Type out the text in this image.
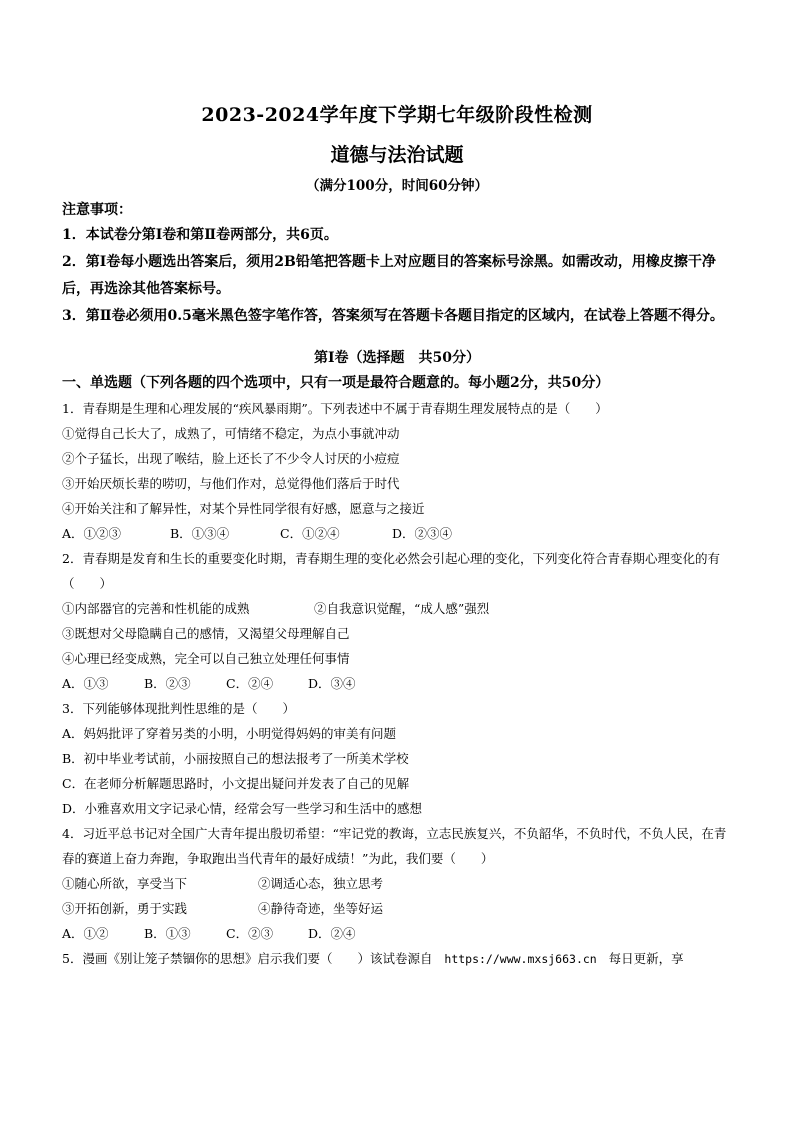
2023-2024学年度下学期七年级阶段性检测
道德与法治试题
（满分100分，时间60分钟）
注意事项：
1．本试卷分第Ⅰ卷和第Ⅱ卷两部分，共6页。
2．第Ⅰ卷每小题选出答案后，须用2B铅笔把答题卡上对应题目的答案标号涂黑。如需改动，用橡皮擦干净后，再选涂其他答案标号。
3．第Ⅱ卷必须用0.5毫米黑色签字笔作答，答案须写在答题卡各题目指定的区域内，在试卷上答题不得分。
第Ⅰ卷（选择题　共50分）
一、单选题（下列各题的四个选项中，只有一项是最符合题意的。每小题2分，共50分）
1．青春期是生理和心理发展的“疾风暴雨期”。下列表述中不属于青春期生理发展特点的是（　　）
①觉得自己长大了，成熟了，可情绪不稳定，为点小事就冲动
②个子猛长，出现了喉结，脸上还长了不少令人讨厌的小痘痘
③开始厌烦长辈的唠叨，与他们作对，总觉得他们落后于时代
④开始关注和了解异性，对某个异性同学很有好感，愿意与之接近
A．①②③	B．①③④	C．①②④	D．②③④
2．青春期是发育和生长的重要变化时期，青春期生理的变化必然会引起心理的变化，下列变化符合青春期心理变化的有（　　）
①内部器官的完善和性机能的成熟	②自我意识觉醒，“成人感”强烈
③既想对父母隐瞒自己的感情，又渴望父母理解自己
④心理已经变成熟，完全可以自己独立处理任何事情
A．①③	B．②③	C．②④	D．③④
3．下列能够体现批判性思维的是（　　）
A．妈妈批评了穿着另类的小明，小明觉得妈妈的审美有问题
B．初中毕业考试前，小丽按照自己的想法报考了一所美术学校
C．在老师分析解题思路时，小文提出疑问并发表了自己的见解
D．小雅喜欢用文字记录心情，经常会写一些学习和生活中的感想
4．习近平总书记对全国广大青年提出殷切希望：“牢记党的教诲，立志民族复兴，不负韶华，不负时代，不负人民，在青春的赛道上奋力奔跑，争取跑出当代青年的最好成绩！”为此，我们要（　　）
①随心所欲，享受当下	②调适心态，独立思考
③开拓创新，勇于实践	④静待奇迹，坐等好运
A．①②	B．①③	C．②③	D．②④
5．漫画《别让笼子禁锢你的思想》启示我们要（　　）该试卷源自 https://www.mxsj663.cn 每日更新，享
